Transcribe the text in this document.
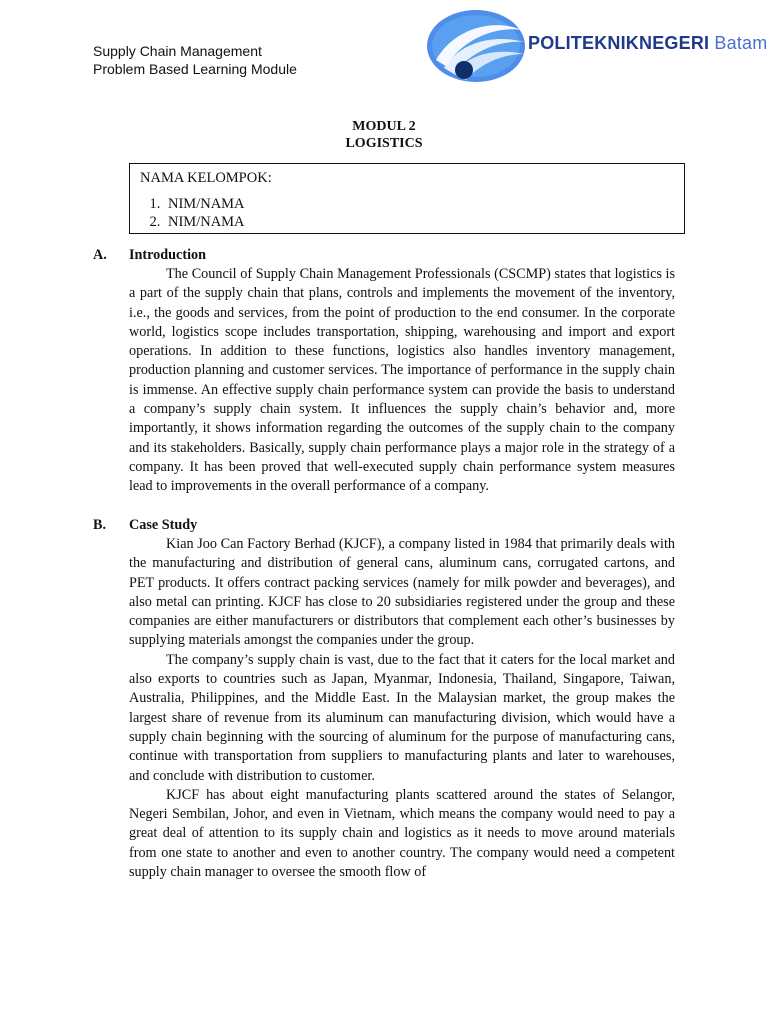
Supply Chain Management
Problem Based Learning Module
POLITEKNIKNEGERI Batam
MODUL 2
LOGISTICS
NAMA KELOMPOK:
1. NIM/NAMA
2. NIM/NAMA
A. Introduction

The Council of Supply Chain Management Professionals (CSCMP) states that logistics is a part of the supply chain that plans, controls and implements the movement of the inventory, i.e., the goods and services, from the point of production to the end consumer. In the corporate world, logistics scope includes transportation, shipping, warehousing and import and export operations. In addition to these functions, logistics also handles inventory management, production planning and customer services. The importance of performance in the supply chain is immense. An effective supply chain performance system can provide the basis to understand a company’s supply chain system. It influences the supply chain’s behavior and, more importantly, it shows information regarding the outcomes of the supply chain to the company and its stakeholders. Basically, supply chain performance plays a major role in the strategy of a company. It has been proved that well-executed supply chain performance system measures lead to improvements in the overall performance of a company.

B. Case Study

Kian Joo Can Factory Berhad (KJCF), a company listed in 1984 that primarily deals with the manufacturing and distribution of general cans, aluminum cans, corrugated cartons, and PET products. It offers contract packing services (namely for milk powder and beverages), and also metal can printing. KJCF has close to 20 subsidiaries registered under the group and these companies are either manufacturers or distributors that complement each other’s businesses by supplying materials amongst the companies under the group.

The company’s supply chain is vast, due to the fact that it caters for the local market and also exports to countries such as Japan, Myanmar, Indonesia, Thailand, Singapore, Taiwan, Australia, Philippines, and the Middle East. In the Malaysian market, the group makes the largest share of revenue from its aluminum can manufacturing division, which would have a supply chain beginning with the sourcing of aluminum for the purpose of manufacturing cans, continue with transportation from suppliers to manufacturing plants and later to warehouses, and conclude with distribution to customer.

KJCF has about eight manufacturing plants scattered around the states of Selangor, Negeri Sembilan, Johor, and even in Vietnam, which means the company would need to pay a great deal of attention to its supply chain and logistics as it needs to move around materials from one state to another and even to another country. The company would need a competent supply chain manager to oversee the smooth flow of
